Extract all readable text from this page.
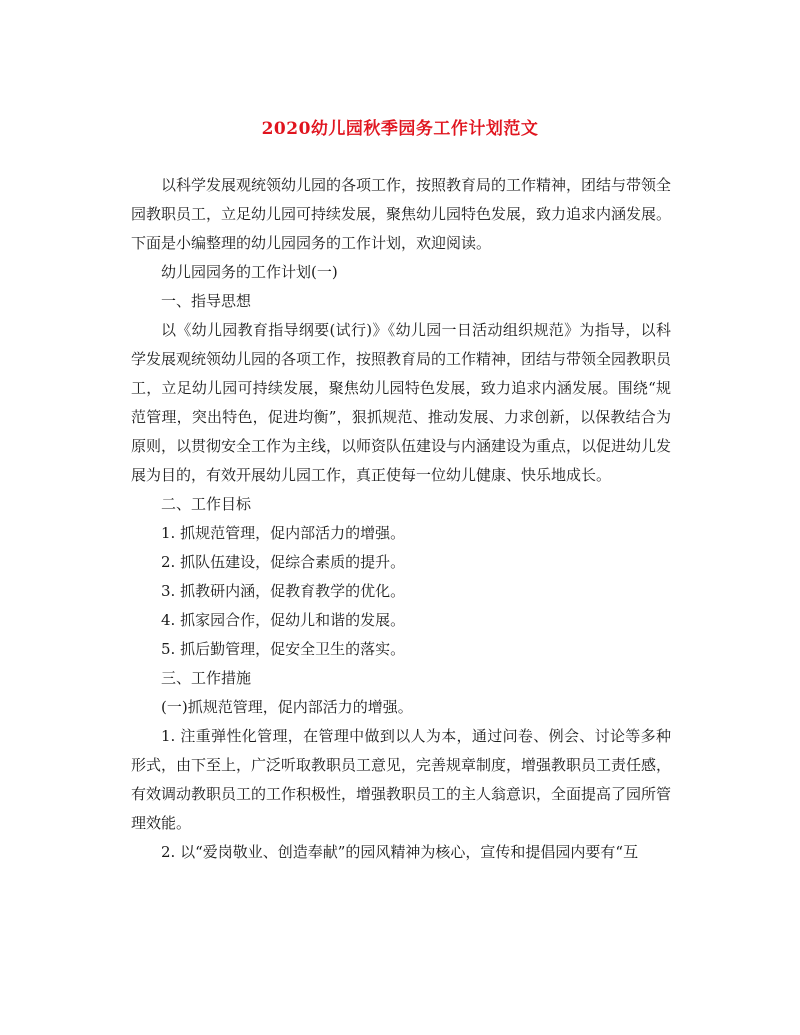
2020幼儿园秋季园务工作计划范文

以科学发展观统领幼儿园的各项工作，按照教育局的工作精神，团结与带领全园教职员工，立足幼儿园可持续发展，聚焦幼儿园特色发展，致力追求内涵发展。下面是小编整理的幼儿园园务的工作计划，欢迎阅读。

幼儿园园务的工作计划(一)

一、指导思想

以《幼儿园教育指导纲要(试行)》《幼儿园一日活动组织规范》为指导，以科学发展观统领幼儿园的各项工作，按照教育局的工作精神，团结与带领全园教职员工，立足幼儿园可持续发展，聚焦幼儿园特色发展，致力追求内涵发展。围绕“规范管理，突出特色，促进均衡”，狠抓规范、推动发展、力求创新，以保教结合为原则，以贯彻安全工作为主线，以师资队伍建设与内涵建设为重点，以促进幼儿发展为目的，有效开展幼儿园工作，真正使每一位幼儿健康、快乐地成长。

二、工作目标

1. 抓规范管理，促内部活力的增强。

2. 抓队伍建设，促综合素质的提升。

3. 抓教研内涵，促教育教学的优化。

4. 抓家园合作，促幼儿和谐的发展。

5. 抓后勤管理，促安全卫生的落实。

三、工作措施

(一)抓规范管理，促内部活力的增强。

1. 注重弹性化管理，在管理中做到以人为本，通过问卷、例会、讨论等多种形式，由下至上，广泛听取教职员工意见，完善规章制度，增强教职员工责任感，有效调动教职员工的工作积极性，增强教职员工的主人翁意识，全面提高了园所管理效能。

2. 以“爱岗敬业、创造奉献”的园风精神为核心，宣传和提倡园内要有“互
